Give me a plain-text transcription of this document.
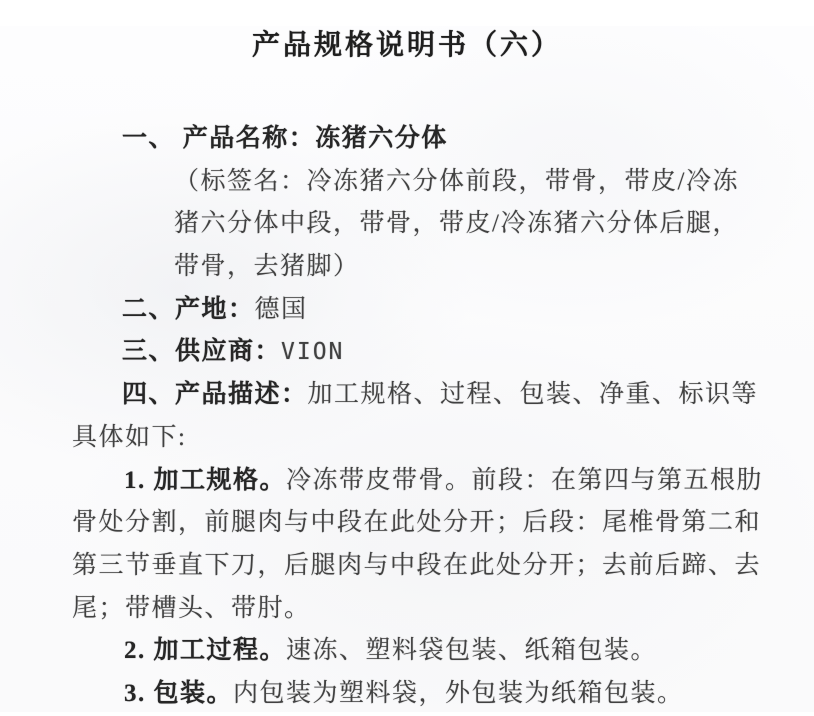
产品规格说明书（六）
一、 产品名称：冻猪六分体
（标签名：冷冻猪六分体前段，带骨，带皮/冷冻
猪六分体中段，带骨，带皮/冷冻猪六分体后腿，
带骨，去猪脚）
二、产地：德国
三、供应商：VION
四、产品描述：加工规格、过程、包装、净重、标识等
具体如下:
1. 加工规格。冷冻带皮带骨。前段：在第四与第五根肋
骨处分割，前腿肉与中段在此处分开；后段：尾椎骨第二和
第三节垂直下刀，后腿肉与中段在此处分开；去前后蹄、去
尾；带槽头、带肘。
2. 加工过程。速冻、塑料袋包装、纸箱包装。
3. 包装。内包装为塑料袋，外包装为纸箱包装。
